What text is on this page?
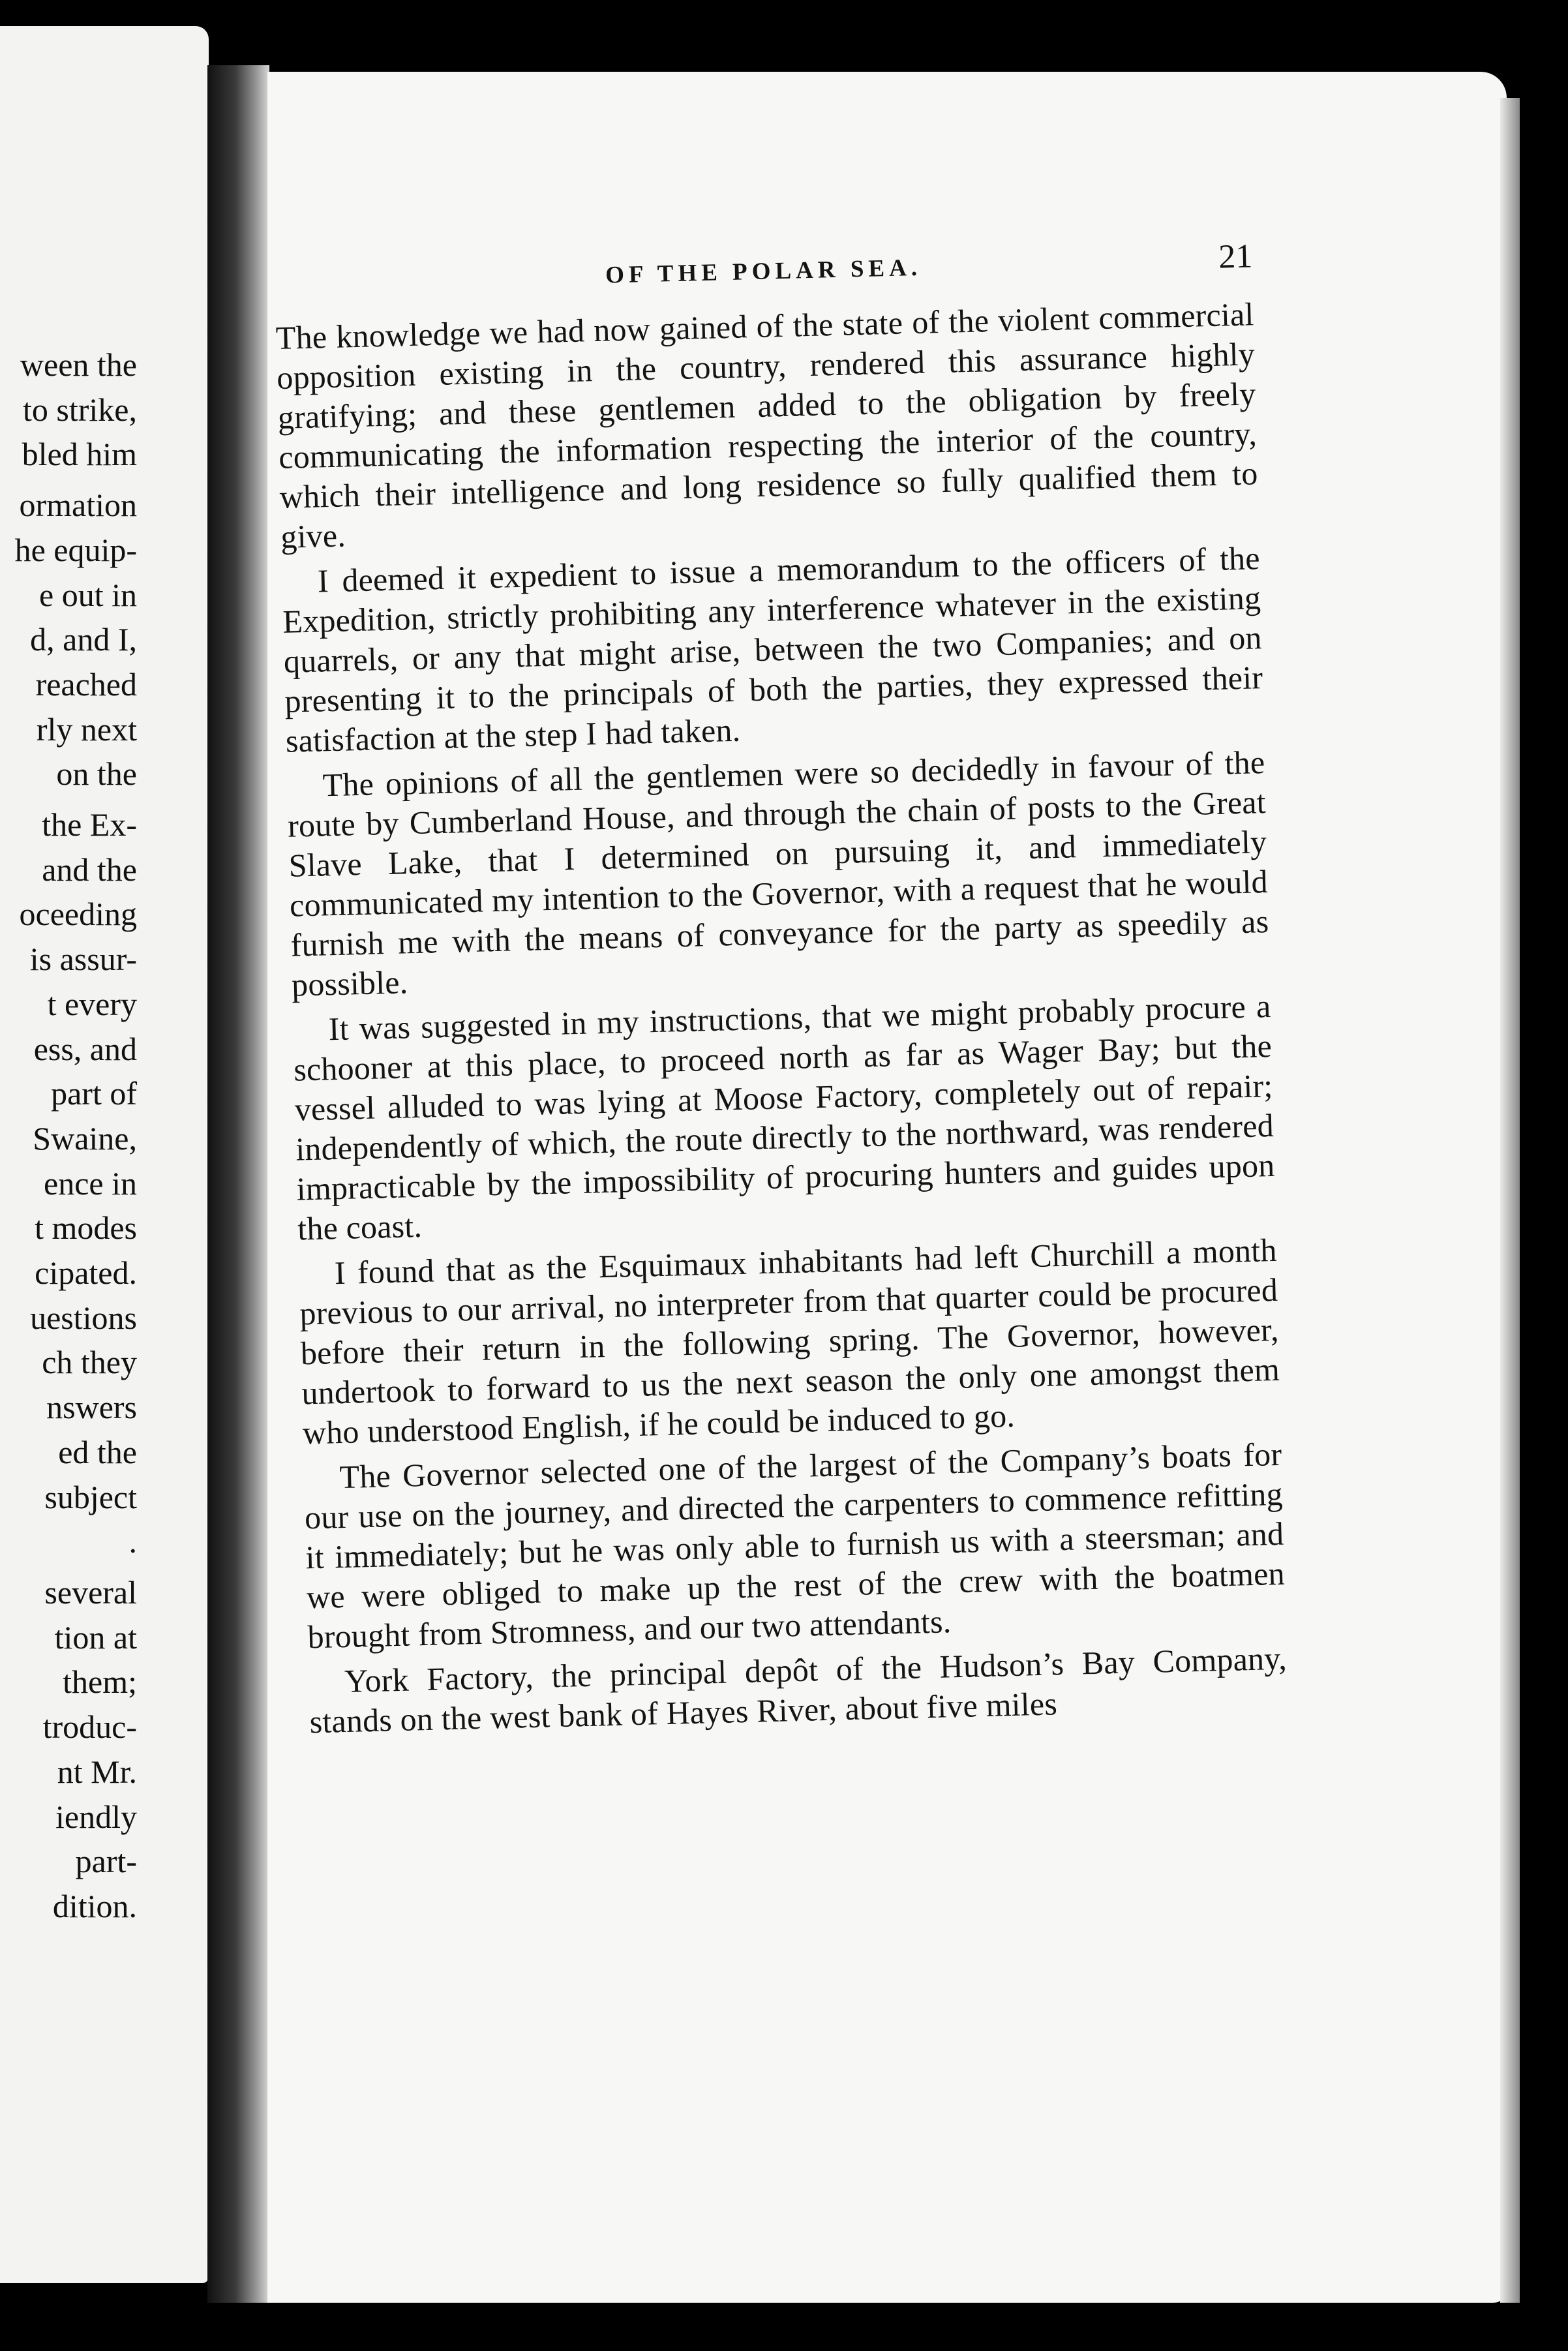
ween the
to strike,
bled him
ormation
he equip-
e out in
d, and I,
reached
rly next
on the
the Ex-
and the
oceeding
is assur-
t every
ess, and
part of
Swaine,
ence in
t modes
cipated.
uestions
ch they
nswers
ed the
subject
.
several
tion at
them;
troduc-
nt Mr.
iendly
part-
dition.
OF THE POLAR SEA.	21

The knowledge we had now gained of the state of the violent commercial opposition existing in the country, rendered this assurance highly gratifying; and these gentlemen added to the obligation by freely communicating the information respecting the interior of the country, which their intelligence and long residence so fully qualified them to give.

I deemed it expedient to issue a memorandum to the officers of the Expedition, strictly prohibiting any interference whatever in the existing quarrels, or any that might arise, between the two Companies; and on presenting it to the principals of both the parties, they expressed their satisfaction at the step I had taken.

The opinions of all the gentlemen were so decidedly in favour of the route by Cumberland House, and through the chain of posts to the Great Slave Lake, that I determined on pursuing it, and immediately communicated my intention to the Governor, with a request that he would furnish me with the means of conveyance for the party as speedily as possible.

It was suggested in my instructions, that we might probably procure a schooner at this place, to proceed north as far as Wager Bay; but the vessel alluded to was lying at Moose Factory, completely out of repair; independently of which, the route directly to the northward, was rendered impracticable by the impossibility of procuring hunters and guides upon the coast.

I found that as the Esquimaux inhabitants had left Churchill a month previous to our arrival, no interpreter from that quarter could be procured before their return in the following spring. The Governor, however, undertook to forward to us the next season the only one amongst them who understood English, if he could be induced to go.

The Governor selected one of the largest of the Company’s boats for our use on the journey, and directed the carpenters to commence refitting it immediately; but he was only able to furnish us with a steersman; and we were obliged to make up the rest of the crew with the boatmen brought from Stromness, and our two attendants.

York Factory, the principal depôt of the Hudson’s Bay Company, stands on the west bank of Hayes River, about five miles
